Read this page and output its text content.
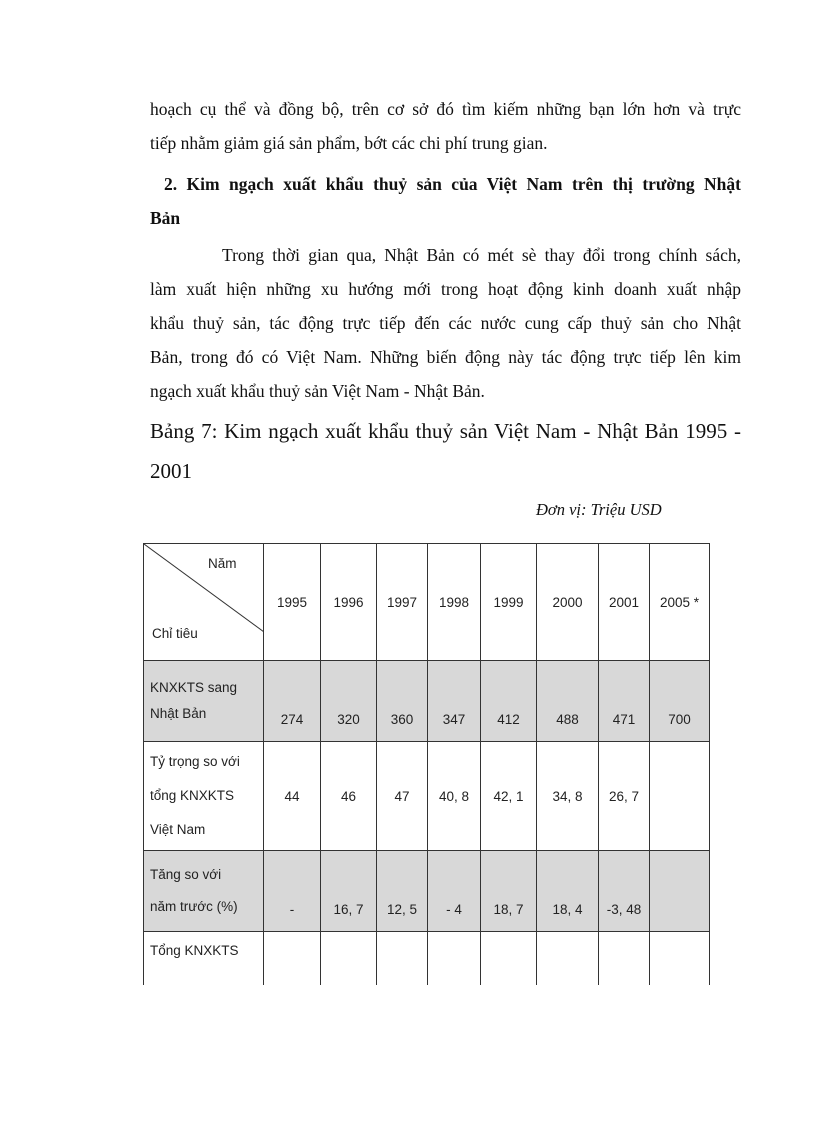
hoạch cụ thể và đồng bộ, trên cơ sở đó tìm kiếm những bạn lớn hơn và trực
tiếp nhằm giảm giá sản phẩm, bớt các chi phí trung gian.
2. Kim ngạch xuất khẩu thuỷ sản của Việt Nam trên thị trường Nhật
Bản
Trong thời gian qua, Nhật Bản có mét sè thay đổi trong chính sách,
làm xuất hiện những xu hướng mới trong hoạt động kinh doanh xuất nhập
khẩu thuỷ sản, tác động trực tiếp đến các nước cung cấp thuỷ sản cho Nhật
Bản, trong đó có Việt Nam. Những biến động này tác động trực tiếp lên kim
ngạch xuất khẩu thuỷ sản Việt Nam - Nhật Bản.
Bảng 7: Kim ngạch xuất khẩu thuỷ sản Việt Nam - Nhật Bản 1995 -
2001
Đơn vị: Triệu USD
Năm
Chỉ tiêu	1995	1996	1997	1998	1999	2000	2001	2005 *

KNXKTS sang
Nhật Bản	274	320	360	347	412	488	471	700

Tỷ trọng so với
tổng KNXKTS
Việt Nam	44	46	47	40, 8	42, 1	34, 8	26, 7	

Tăng so với
năm trước (%)	-	16, 7	12, 5	- 4	18, 7	18, 4	-3, 48	

Tổng KNXKTS								
